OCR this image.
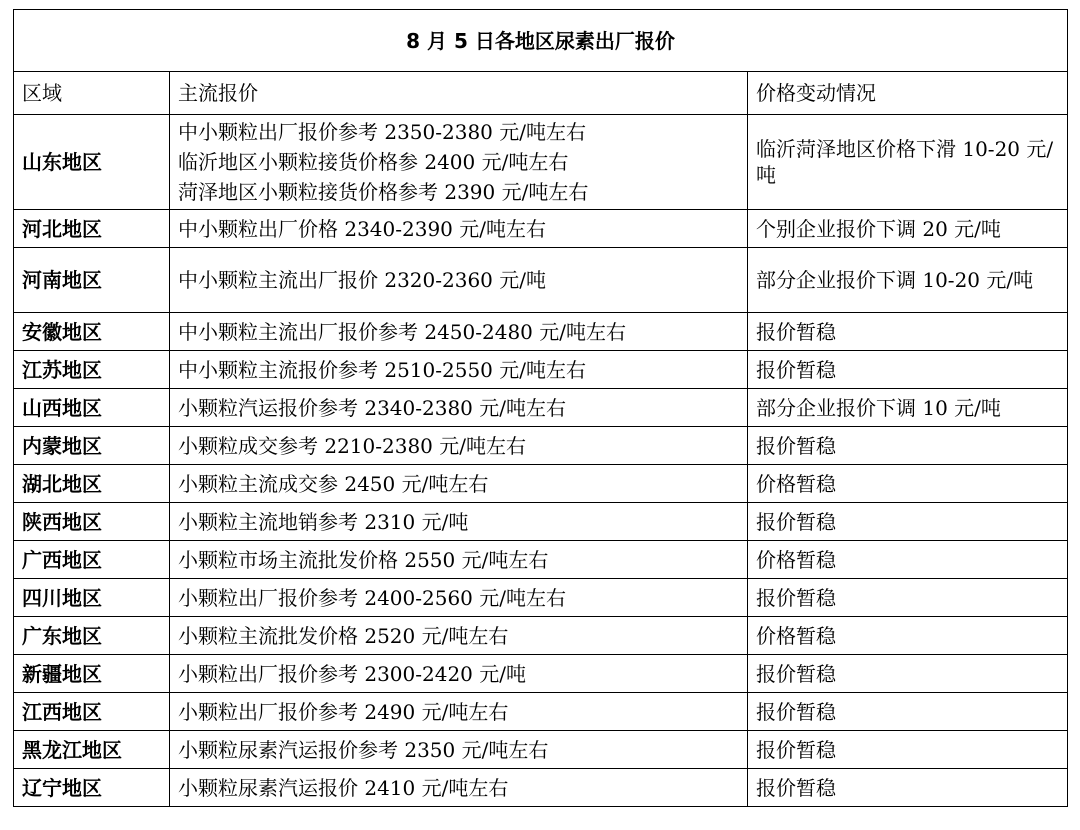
8 月 5 日各地区尿素出厂报价		
区域	主流报价	价格变动情况
山东地区	中小颗粒出厂报价参考 2350-2380 元/吨左右
临沂地区小颗粒接货价格参 2400 元/吨左右
菏泽地区小颗粒接货价格参考 2390 元/吨左右	临沂菏泽地区价格下滑 10-20 元/吨
河北地区	中小颗粒出厂价格 2340-2390 元/吨左右	个别企业报价下调 20 元/吨
河南地区	中小颗粒主流出厂报价 2320-2360 元/吨	部分企业报价下调 10-20 元/吨
安徽地区	中小颗粒主流出厂报价参考 2450-2480 元/吨左右	报价暂稳
江苏地区	中小颗粒主流报价参考 2510-2550 元/吨左右	报价暂稳
山西地区	小颗粒汽运报价参考 2340-2380 元/吨左右	部分企业报价下调 10 元/吨
内蒙地区	小颗粒成交参考 2210-2380 元/吨左右	报价暂稳
湖北地区	小颗粒主流成交参 2450 元/吨左右	价格暂稳
陕西地区	小颗粒主流地销参考 2310 元/吨	报价暂稳
广西地区	小颗粒市场主流批发价格 2550 元/吨左右	价格暂稳
四川地区	小颗粒出厂报价参考 2400-2560 元/吨左右	报价暂稳
广东地区	小颗粒主流批发价格 2520 元/吨左右	价格暂稳
新疆地区	小颗粒出厂报价参考 2300-2420 元/吨	报价暂稳
江西地区	小颗粒出厂报价参考 2490 元/吨左右	报价暂稳
黑龙江地区	小颗粒尿素汽运报价参考 2350 元/吨左右	报价暂稳
辽宁地区	小颗粒尿素汽运报价 2410 元/吨左右	报价暂稳
